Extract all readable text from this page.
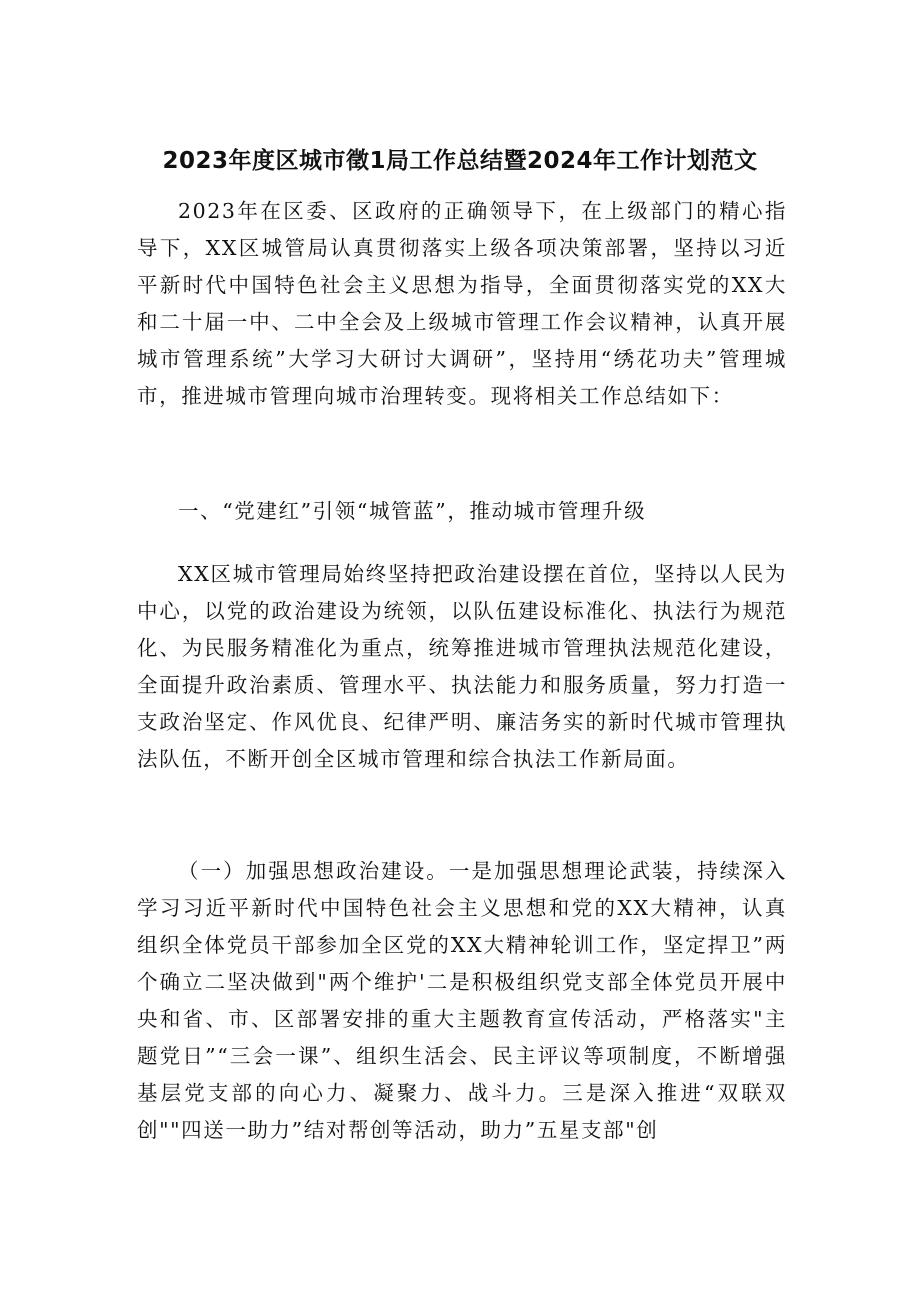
2023年度区城市徵1局工作总结暨2024年工作计划范文

2023年在区委、区政府的正确领导下，在上级部门的精心指导下，XX区城管局认真贯彻落实上级各项决策部署，坚持以习近平新时代中国特色社会主义思想为指导，全面贯彻落实党的XX大和二十届一中、二中全会及上级城市管理工作会议精神，认真开展城市管理系统”大学习大研讨大调研”，坚持用“绣花功夫”管理城市，推进城市管理向城市治理转变。现将相关工作总结如下：

一、“党建红”引领“城管蓝”，推动城市管理升级

XX区城市管理局始终坚持把政治建设摆在首位，坚持以人民为中心，以党的政治建设为统领，以队伍建设标准化、执法行为规范化、为民服务精准化为重点，统筹推进城市管理执法规范化建设，全面提升政治素质、管理水平、执法能力和服务质量，努力打造一支政治坚定、作风优良、纪律严明、廉洁务实的新时代城市管理执法队伍，不断开创全区城市管理和综合执法工作新局面。

（一）加强思想政治建设。一是加强思想理论武装，持续深入学习习近平新时代中国特色社会主义思想和党的XX大精神，认真组织全体党员干部参加全区党的XX大精神轮训工作，坚定捍卫”两个确立二坚决做到"两个维护'二是积极组织党支部全体党员开展中央和省、市、区部署安排的重大主题教育宣传活动，严格落实"主题党日”“三会一课”、组织生活会、民主评议等项制度，不断增强基层党支部的向心力、凝聚力、战斗力。三是深入推进“双联双创""四送一助力”结对帮创等活动，助力”五星支部"创
